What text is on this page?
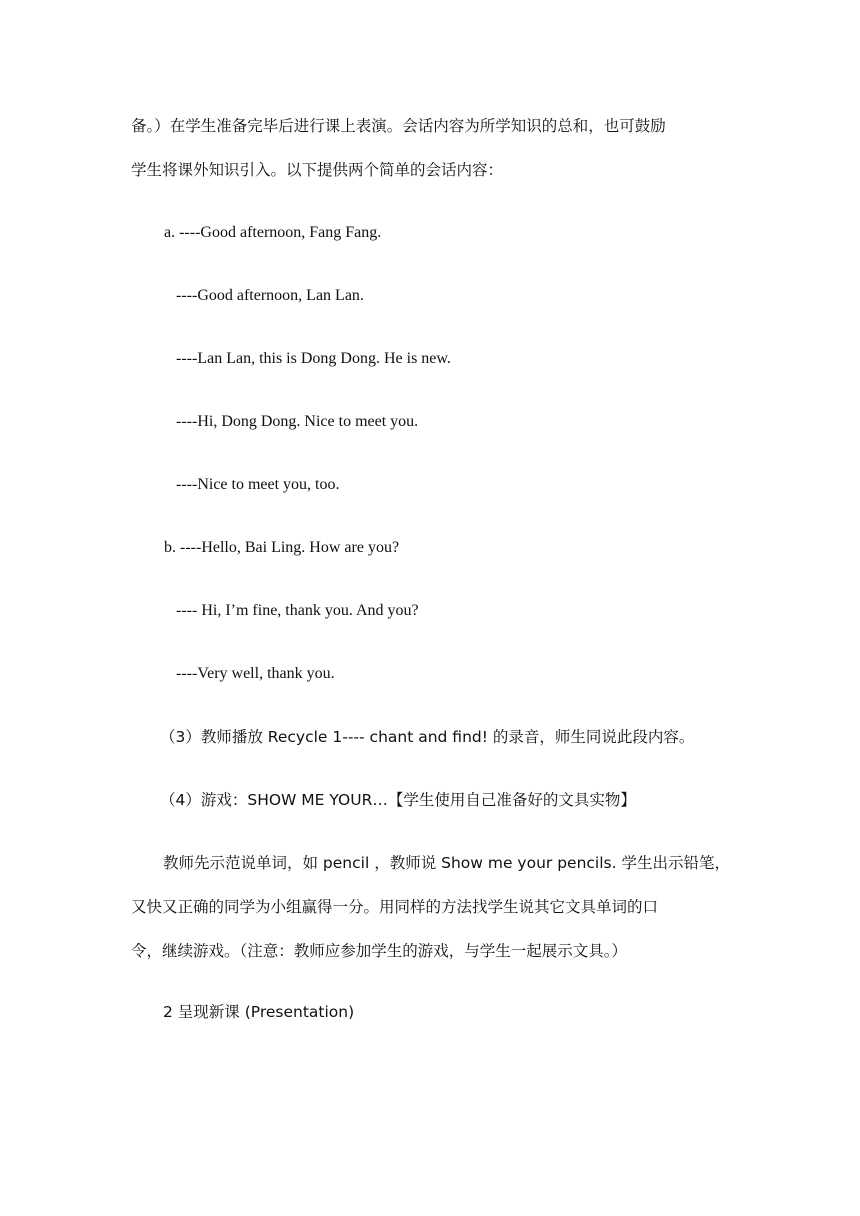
备。）在学生准备完毕后进行课上表演。会话内容为所学知识的总和，也可鼓励
学生将课外知识引入。以下提供两个简单的会话内容：
a. ----Good afternoon, Fang Fang.
----Good afternoon, Lan Lan.
----Lan Lan, this is Dong Dong. He is new.
----Hi, Dong Dong. Nice to meet you.
----Nice to meet you, too.
b. ----Hello, Bai Ling. How are you?
---- Hi, I’m fine, thank you. And you?
----Very well, thank you.
（3）教师播放 Recycle 1---- chant and find! 的录音，师生同说此段内容。
（4）游戏：SHOW ME YOUR…【学生使用自己准备好的文具实物】
教师先示范说单词，如 pencil ，教师说 Show me your pencils. 学生出示铅笔，
又快又正确的同学为小组赢得一分。用同样的方法找学生说其它文具单词的口
令，继续游戏。（注意：教师应参加学生的游戏，与学生一起展示文具。）
2 呈现新课 (Presentation)
